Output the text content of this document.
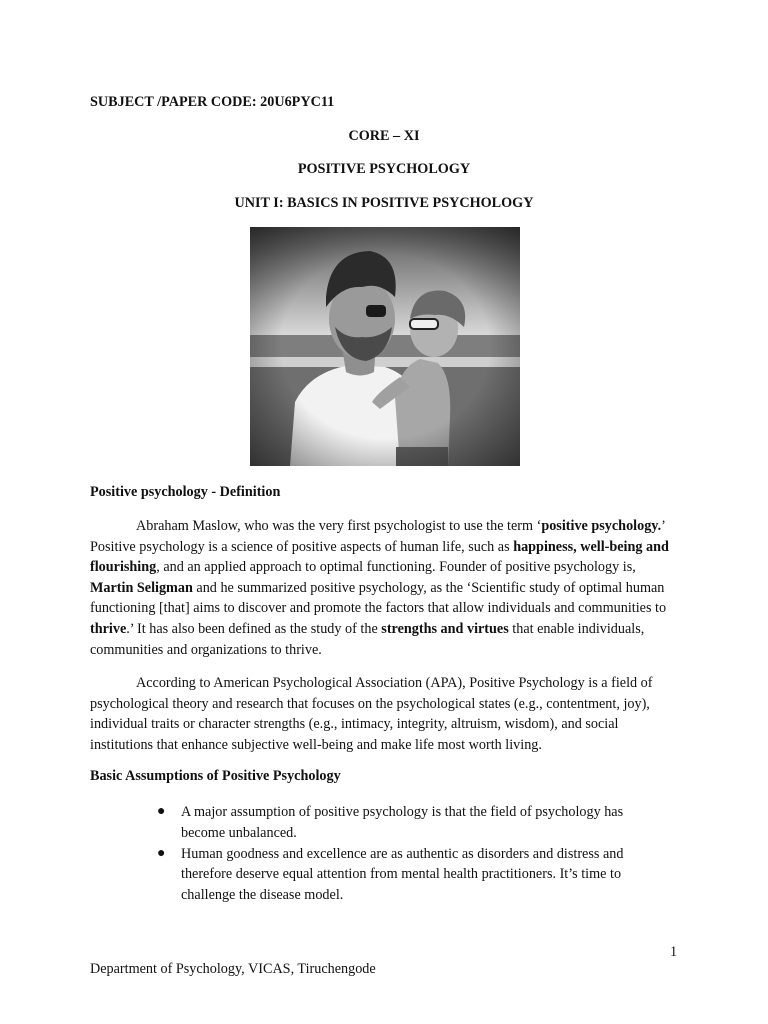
SUBJECT /PAPER CODE: 20U6PYC11
CORE – XI
POSITIVE PSYCHOLOGY
UNIT I: BASICS IN POSITIVE PSYCHOLOGY
Positive psychology - Definition

Abraham Maslow, who was the very first psychologist to use the term ‘positive psychology.’ Positive psychology is a science of positive aspects of human life, such as happiness, well-being and flourishing, and an applied approach to optimal functioning. Founder of positive psychology is, Martin Seligman and he summarized positive psychology, as the ‘Scientific study of optimal human functioning [that] aims to discover and promote the factors that allow individuals and communities to thrive.’ It has also been defined as the study of the strengths and virtues that enable individuals, communities and organizations to thrive.

According to American Psychological Association (APA), Positive Psychology is a field of psychological theory and research that focuses on the psychological states (e.g., contentment, joy), individual traits or character strengths (e.g., intimacy, integrity, altruism, wisdom), and social institutions that enhance subjective well-being and make life most worth living.

Basic Assumptions of Positive Psychology
● A major assumption of positive psychology is that the field of psychology has become unbalanced.
● Human goodness and excellence are as authentic as disorders and distress and therefore deserve equal attention from mental health practitioners. It’s time to challenge the disease model.
1
Department of Psychology, VICAS, Tiruchengode
